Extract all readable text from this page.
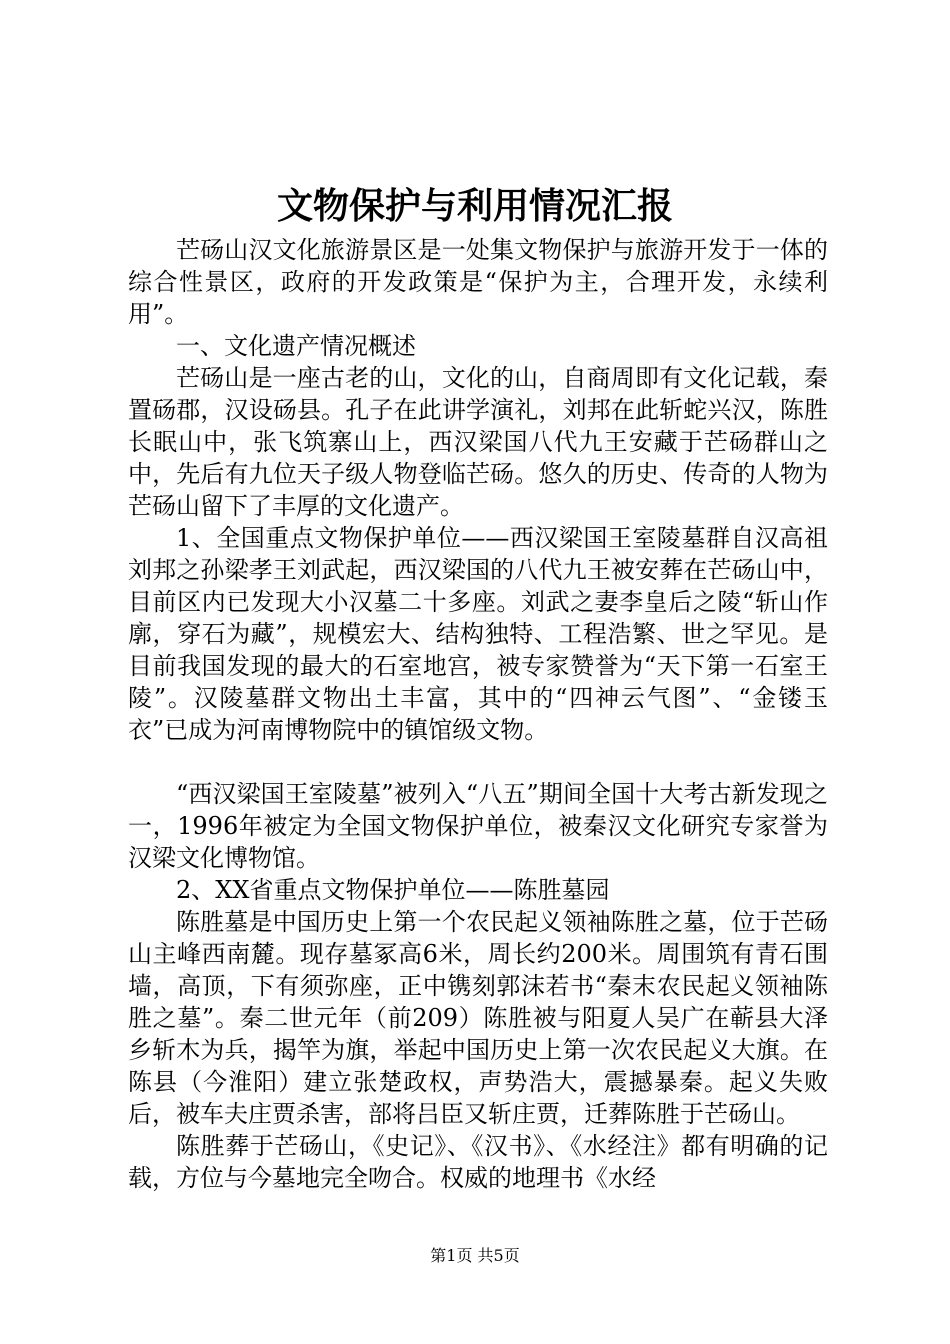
文物保护与利用情况汇报

芒砀山汉文化旅游景区是一处集文物保护与旅游开发于一体的综合性景区，政府的开发政策是“保护为主，合理开发，永续利用”。

一、文化遗产情况概述

芒砀山是一座古老的山，文化的山，自商周即有文化记载，秦置砀郡，汉设砀县。孔子在此讲学演礼，刘邦在此斩蛇兴汉，陈胜长眠山中，张飞筑寨山上，西汉梁国八代九王安藏于芒砀群山之中，先后有九位天子级人物登临芒砀。悠久的历史、传奇的人物为芒砀山留下了丰厚的文化遗产。

1、全国重点文物保护单位——西汉梁国王室陵墓群自汉高祖刘邦之孙梁孝王刘武起，西汉梁国的八代九王被安葬在芒砀山中，目前区内已发现大小汉墓二十多座。刘武之妻李皇后之陵“斩山作廓，穿石为藏”，规模宏大、结构独特、工程浩繁、世之罕见。是目前我国发现的最大的石室地宫，被专家赞誉为“天下第一石室王陵”。汉陵墓群文物出土丰富，其中的“四神云气图”、“金镂玉衣”已成为河南博物院中的镇馆级文物。

“西汉梁国王室陵墓”被列入“八五”期间全国十大考古新发现之一，1996年被定为全国文物保护单位，被秦汉文化研究专家誉为汉梁文化博物馆。

2、XX省重点文物保护单位——陈胜墓园

陈胜墓是中国历史上第一个农民起义领袖陈胜之墓，位于芒砀山主峰西南麓。现存墓冢高6米，周长约200米。周围筑有青石围墙，高顶，下有须弥座，正中镌刻郭沫若书“秦末农民起义领袖陈胜之墓”。秦二世元年（前209）陈胜被与阳夏人吴广在蕲县大泽乡斩木为兵，揭竿为旗，举起中国历史上第一次农民起义大旗。在陈县（今淮阳）建立张楚政权，声势浩大，震撼暴秦。起义失败后，被车夫庄贾杀害，部将吕臣又斩庄贾，迁葬陈胜于芒砀山。

陈胜葬于芒砀山，《史记》、《汉书》、《水经注》都有明确的记载，方位与今墓地完全吻合。权威的地理书《水经

第1页 共5页
